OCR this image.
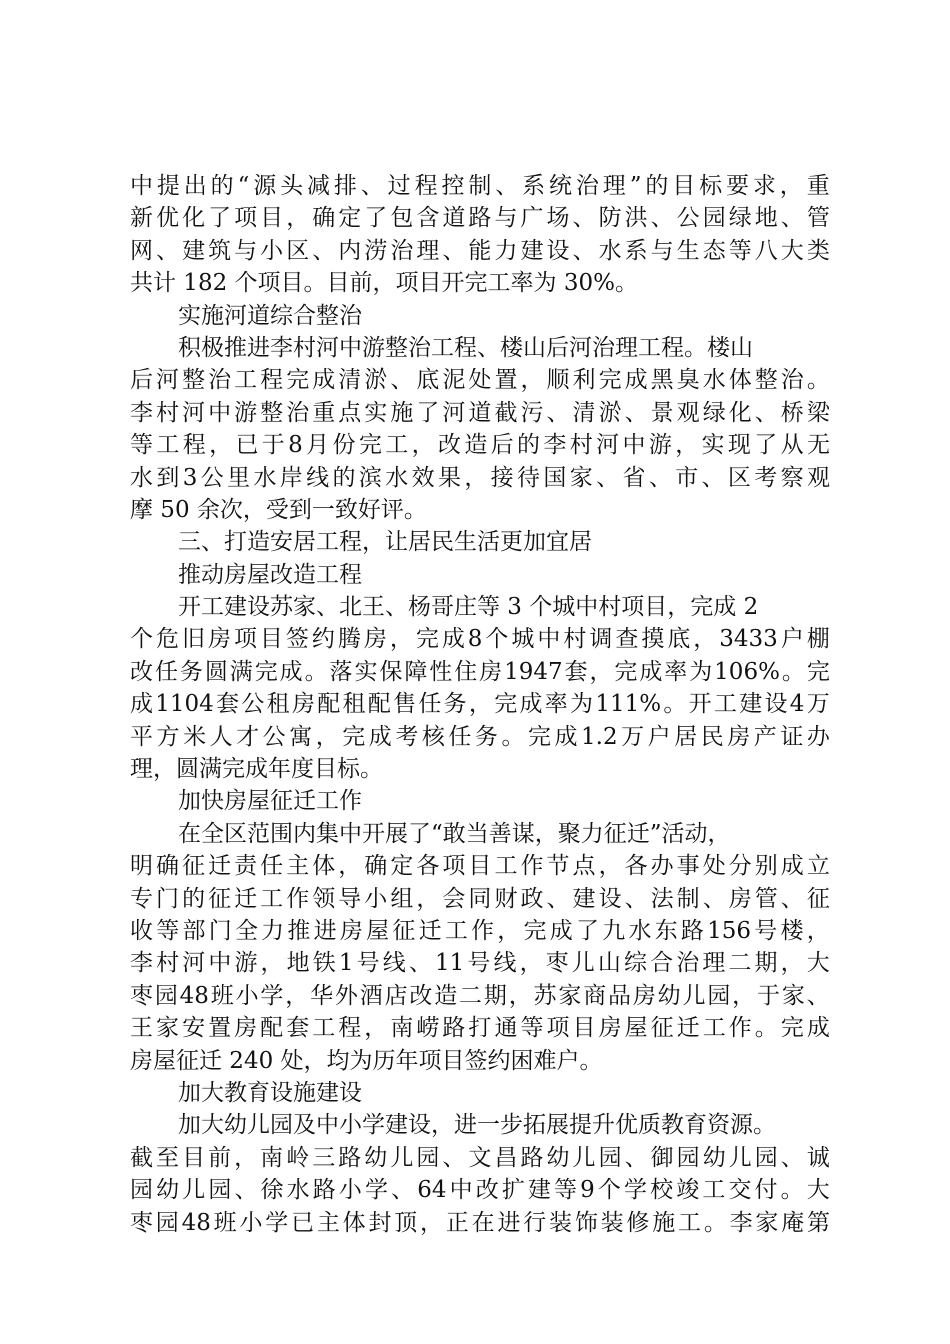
中 提 出 的 “ 源 头 减 排 、 过 程 控 制 、 系 统 治 理 ” 的 目 标 要 求 ， 重
新 优 化 了 项 目 ， 确 定 了 包 含 道 路 与 广 场 、 防 洪 、 公 园 绿 地 、 管
网 、 建 筑 与 小 区 、 内 涝 治 理 、 能 力 建 设 、 水 系 与 生 态 等 八 大 类
共计 182 个项目。目前，项目开完工率为 30%。
实施河道综合整治
积极推进李村河中游整治工程、楼山后河治理工程。楼山
后 河 整 治 工 程 完 成 清 淤 、 底 泥 处 置 ， 顺 利 完 成 黑 臭 水 体 整 治 。
李 村 河 中 游 整 治 重 点 实 施 了 河 道 截 污 、 清 淤 、 景 观 绿 化 、 桥 梁
等 工 程 ， 已 于 8 月 份 完 工 ， 改 造 后 的 李 村 河 中 游 ， 实 现 了 从 无
水 到 3 公 里 水 岸 线 的 滨 水 效 果 ， 接 待 国 家 、 省 、 市 、 区 考 察 观
摩 50 余次，受到一致好评。
三、打造安居工程，让居民生活更加宜居
推动房屋改造工程
开工建设苏家、北王、杨哥庄等 3 个城中村项目，完成 2
个 危 旧 房 项 目 签 约 腾 房 ， 完 成 8 个 城 中 村 调 查 摸 底 ， 3433 户 棚
改 任 务 圆 满 完 成 。 落 实 保 障 性 住 房 1947 套 ， 完 成 率 为 106% 。 完
成 1104 套 公 租 房 配 租 配 售 任 务 ， 完 成 率 为 111% 。 开 工 建 设 4 万
平 方 米 人 才 公 寓 ， 完 成 考 核 任 务 。 完 成 1.2 万 户 居 民 房 产 证 办
理，圆满完成年度目标。
加快房屋征迁工作
在全区范围内集中开展了“敢当善谋，聚力征迁”活动，
明 确 征 迁 责 任 主 体 ， 确 定 各 项 目 工 作 节 点 ， 各 办 事 处 分 别 成 立
专 门 的 征 迁 工 作 领 导 小 组 ， 会 同 财 政 、 建 设 、 法 制 、 房 管 、 征
收 等 部 门 全 力 推 进 房 屋 征 迁 工 作 ， 完 成 了 九 水 东 路 156 号 楼 ，
李 村 河 中 游 ， 地 铁 1 号 线 、 11 号 线 ， 枣 儿 山 综 合 治 理 二 期 ， 大
枣 园 48 班 小 学 ， 华 外 酒 店 改 造 二 期 ， 苏 家 商 品 房 幼 儿 园 ， 于 家 、
王 家 安 置 房 配 套 工 程 ， 南 崂 路 打 通 等 项 目 房 屋 征 迁 工 作 。 完 成
房屋征迁 240 处，均为历年项目签约困难户。
加大教育设施建设
加大幼儿园及中小学建设，进一步拓展提升优质教育资源。
截 至 目 前 ， 南 岭 三 路 幼 儿 园 、 文 昌 路 幼 儿 园 、 御 园 幼 儿 园 、 诚
园 幼 儿 园 、 徐 水 路 小 学 、 64 中 改 扩 建 等 9 个 学 校 竣 工 交 付 。 大
枣 园 48 班 小 学 已 主 体 封 顶 ， 正 在 进 行 装 饰 装 修 施 工 。 李 家 庵 第
